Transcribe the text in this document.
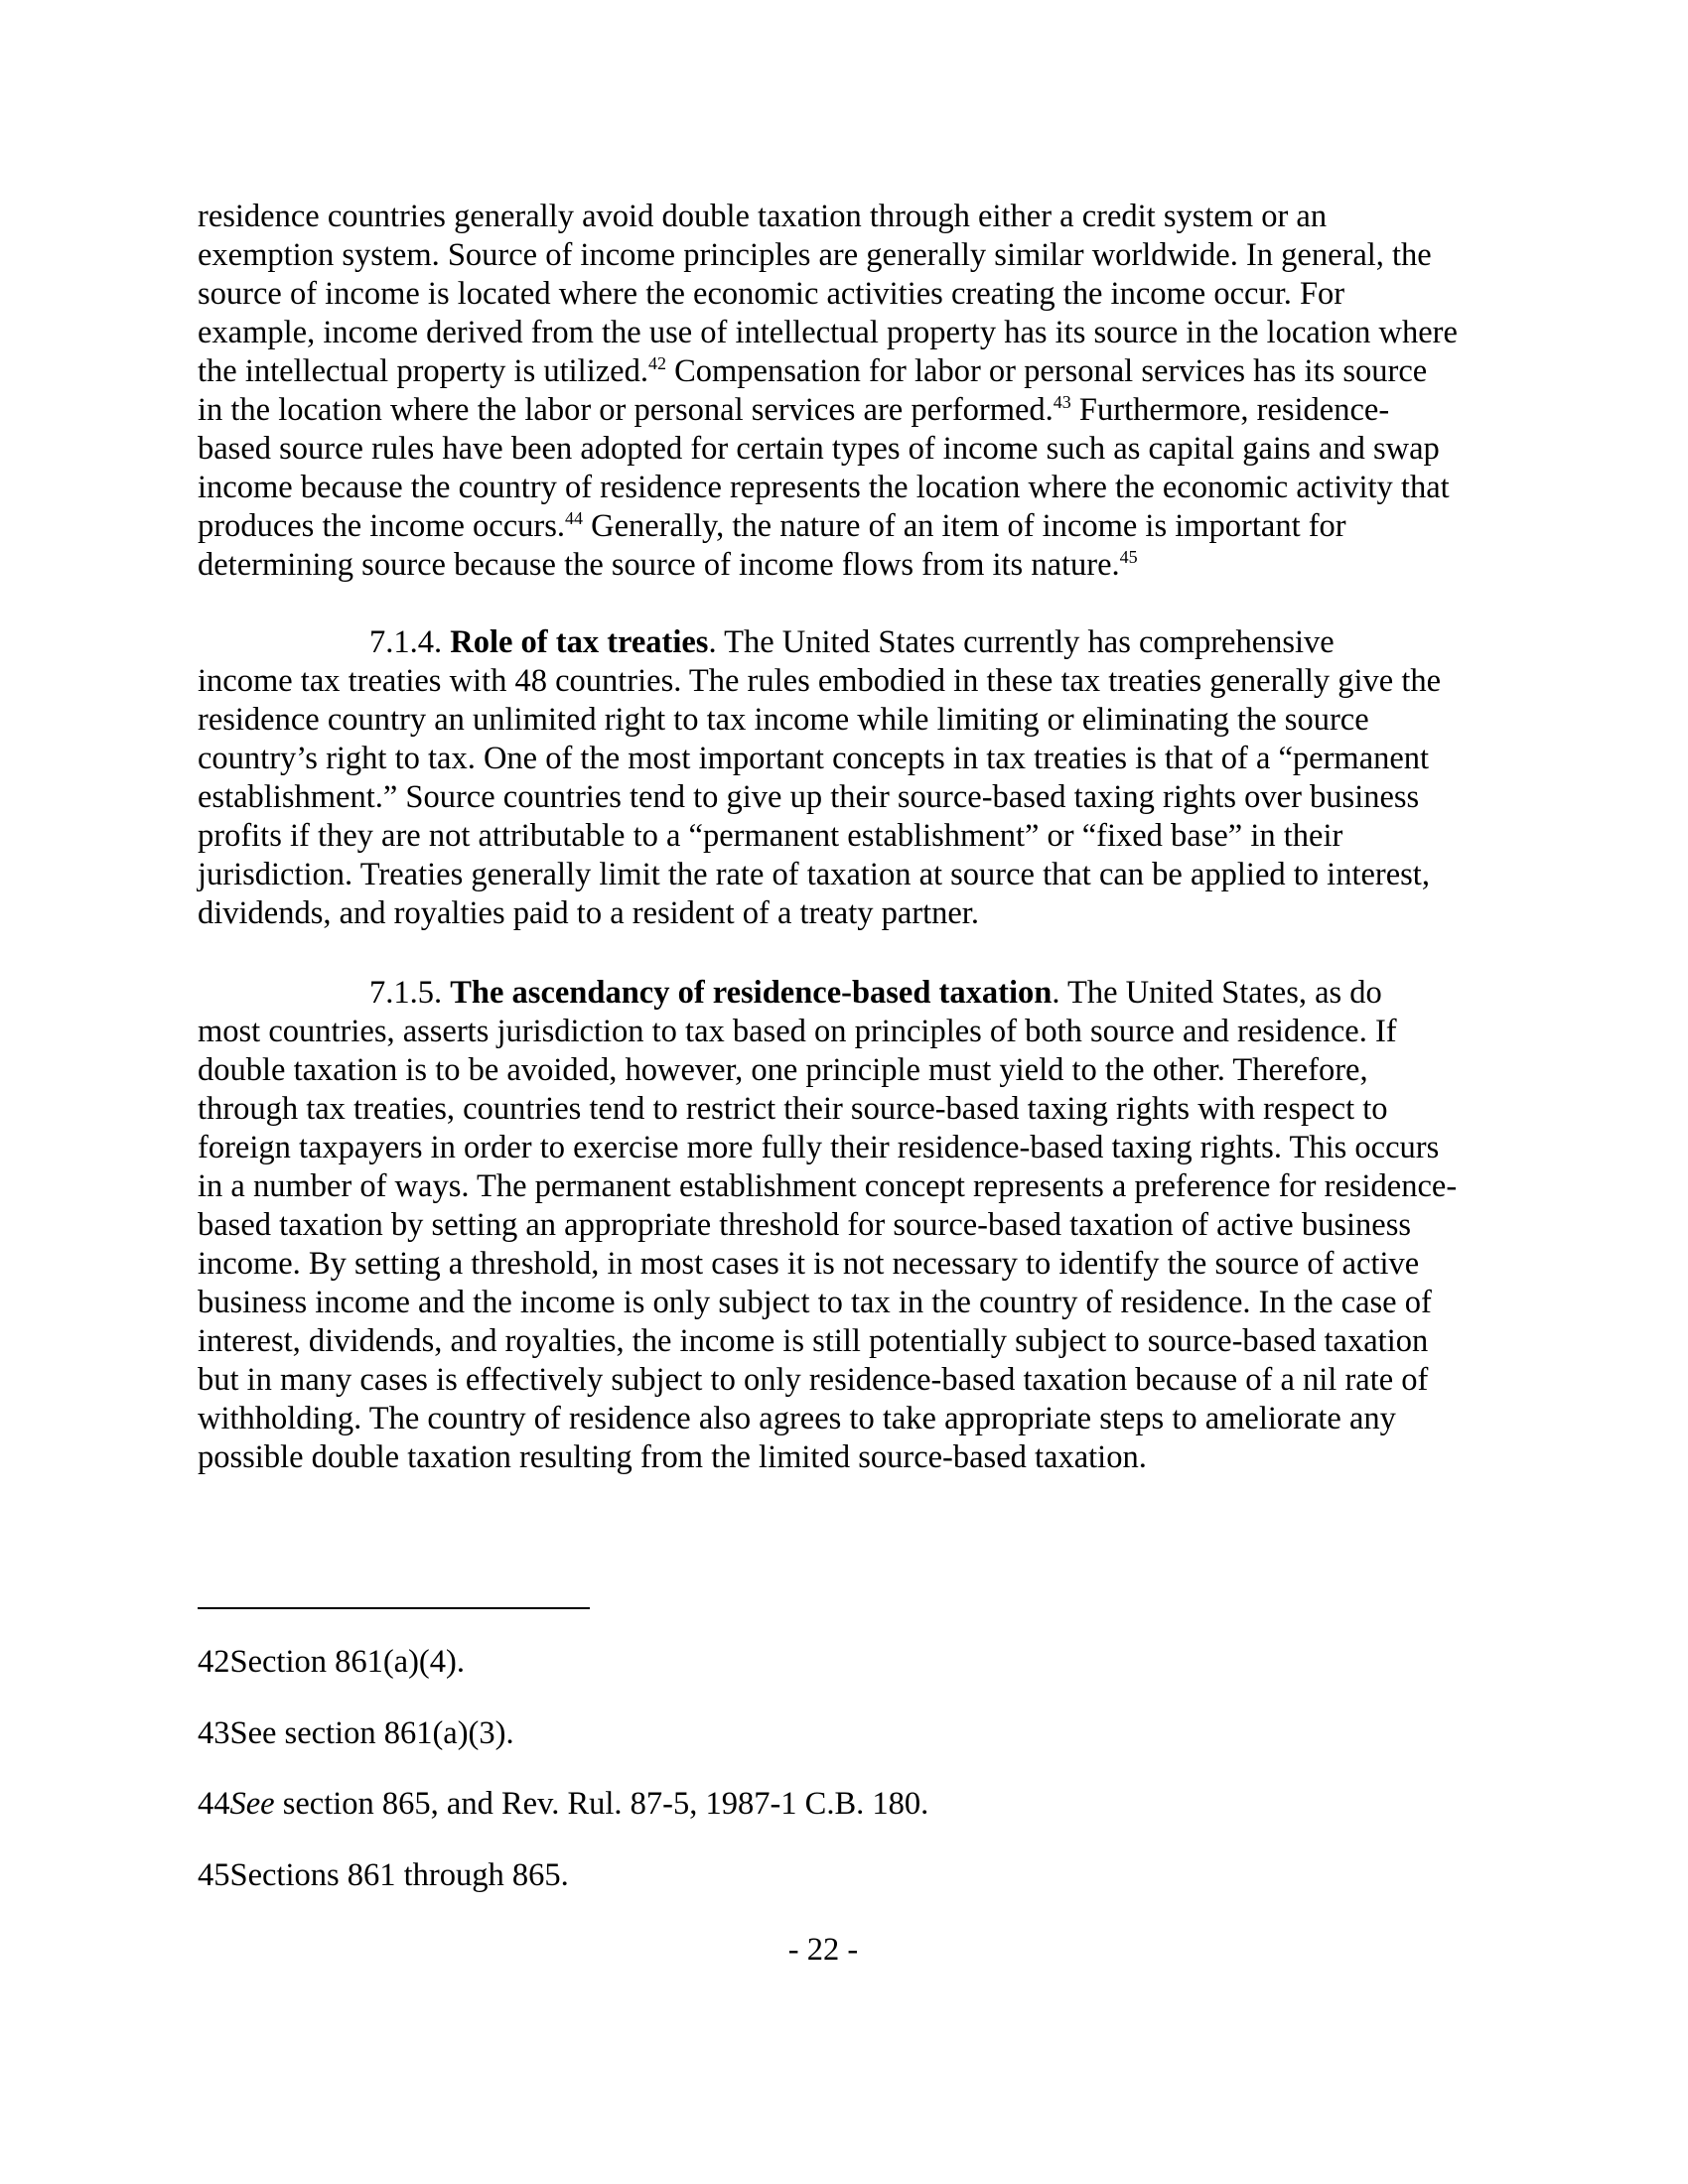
residence countries generally avoid double taxation through either a credit system or an
exemption system. Source of income principles are generally similar worldwide. In general, the
source of income is located where the economic activities creating the income occur. For
example, income derived from the use of intellectual property has its source in the location where
the intellectual property is utilized.$^{42}$ Compensation for labor or personal services has its source
in the location where the labor or personal services are performed.$^{43}$ Furthermore, residence-
based source rules have been adopted for certain types of income such as capital gains and swap
income because the country of residence represents the location where the economic activity that
produces the income occurs.$^{44}$ Generally, the nature of an item of income is important for
determining source because the source of income flows from its nature.$^{45}$
7.1.4. Role of tax treaties. The United States currently has comprehensive
income tax treaties with 48 countries. The rules embodied in these tax treaties generally give the
residence country an unlimited right to tax income while limiting or eliminating the source
country’s right to tax. One of the most important concepts in tax treaties is that of a “permanent
establishment.” Source countries tend to give up their source-based taxing rights over business
profits if they are not attributable to a “permanent establishment” or “fixed base” in their
jurisdiction. Treaties generally limit the rate of taxation at source that can be applied to interest,
dividends, and royalties paid to a resident of a treaty partner.
7.1.5. The ascendancy of residence-based taxation. The United States, as do
most countries, asserts jurisdiction to tax based on principles of both source and residence. If
double taxation is to be avoided, however, one principle must yield to the other. Therefore,
through tax treaties, countries tend to restrict their source-based taxing rights with respect to
foreign taxpayers in order to exercise more fully their residence-based taxing rights. This occurs
in a number of ways. The permanent establishment concept represents a preference for residence-
based taxation by setting an appropriate threshold for source-based taxation of active business
income. By setting a threshold, in most cases it is not necessary to identify the source of active
business income and the income is only subject to tax in the country of residence. In the case of
interest, dividends, and royalties, the income is still potentially subject to source-based taxation
but in many cases is effectively subject to only residence-based taxation because of a nil rate of
withholding. The country of residence also agrees to take appropriate steps to ameliorate any
possible double taxation resulting from the limited source-based taxation.
42Section 861(a)(4).
43See section 861(a)(3).
44See section 865, and Rev. Rul. 87-5, 1987-1 C.B. 180.
45Sections 861 through 865.
- 22 -
